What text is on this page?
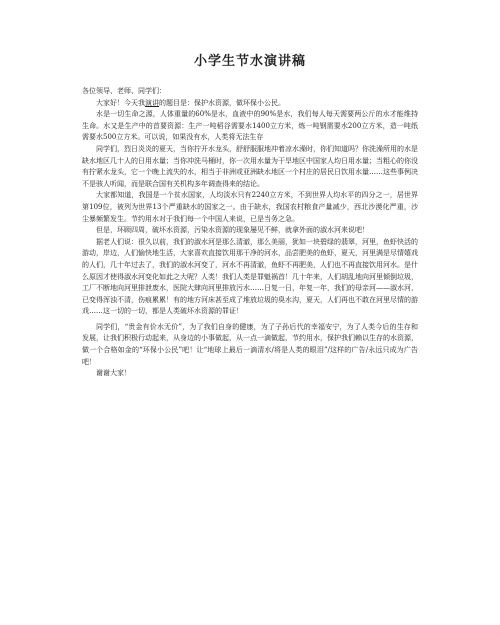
小学生节水演讲稿

各位领导、老师、同学们：

大家好！今天我演讲的题目是：保护水资源，做环保小公民。

水是一切生命之源，人体重量的60%是水，血液中的90%是水，我们每人每天需要两公斤的水才能维持生命。水又是生产中的首要资源：生产一吨稻谷需要水1400立方米，炼一吨钢需要水200立方米，造一吨纸需要水500立方米。可以说，如果没有水，人类将无法生存

同学们，烈日炎炎的夏天，当你拧开水龙头，舒舒服服地冲着凉水澡时，你们知道吗？你洗澡所用的水是缺水地区几十人的日用水量；当你冲洗马桶时，你一次用水量为干旱地区中国家人均日用水量；当粗心的你没有拧紧水龙头，它一个晚上流失的水，相当于非洲或亚洲缺水地区一个村庄的居民日饮用水量……这些事例决不是骇人听闻，而是联合国有关机构多年调查得来的结论。

大家都知道，我国是一个贫水国家，人均淡水只有2240立方米，不到世界人均水平的四分之一，居世界第109位，被列为世界13个严重缺水的国家之一。由于缺水，我国农村粮食产量减少，西北沙漠化严重，沙尘暴频繁发生。节约用水对于我们每一个中国人来说，已是当务之急。

但是，环顾四周，破坏水资源，污染水资源的现象屡见不鲜，就拿外面的淑水河来说吧！

据老人们说：很久以前，我们的淑水河是那么清澈，那么美丽，犹如一块碧绿的翡翠，河里，鱼虾快活的游动，岸边，人们愉快地生活，大家喜欢直接饮用那干净的河水，品尝肥美的鱼虾，夏天，河里满是尽情嬉戏的人们，几十年过去了，我们的淑水河变了，河水不再清澈，鱼虾不再肥美，人们也不再直接饮用河水。是什么原因才使得淑水河变化如此之大呢？人类！我们人类是罪魁祸首！几十年来，人们胡乱地向河里倾倒垃圾，工厂不断地向河里排泄废水，医院大肆向河里排放污水……日复一日，年复一年，我们的母亲河——淑水河，已变得浑浊不清，伤痕累累！有的地方河床甚至成了堆放垃圾的臭水沟，夏天，人们再也不敢在河里尽情的游戏……这一切的一切，都是人类破坏水资源的罪证！

同学们，“贵金有价水无价”，为了我们自身的健康，为了子孙后代的幸福安宁，为了人类今后的生存和发展，让我们积极行动起来，从身边的小事做起，从一点一滴做起，节约用水，保护我们赖以生存的水资源，做一个合格如金的“环保小公民”吧！让“地球上最后一滴清水/将是人类的眼泪”/这样的广告/永远只成为广告吧！

谢谢大家！
